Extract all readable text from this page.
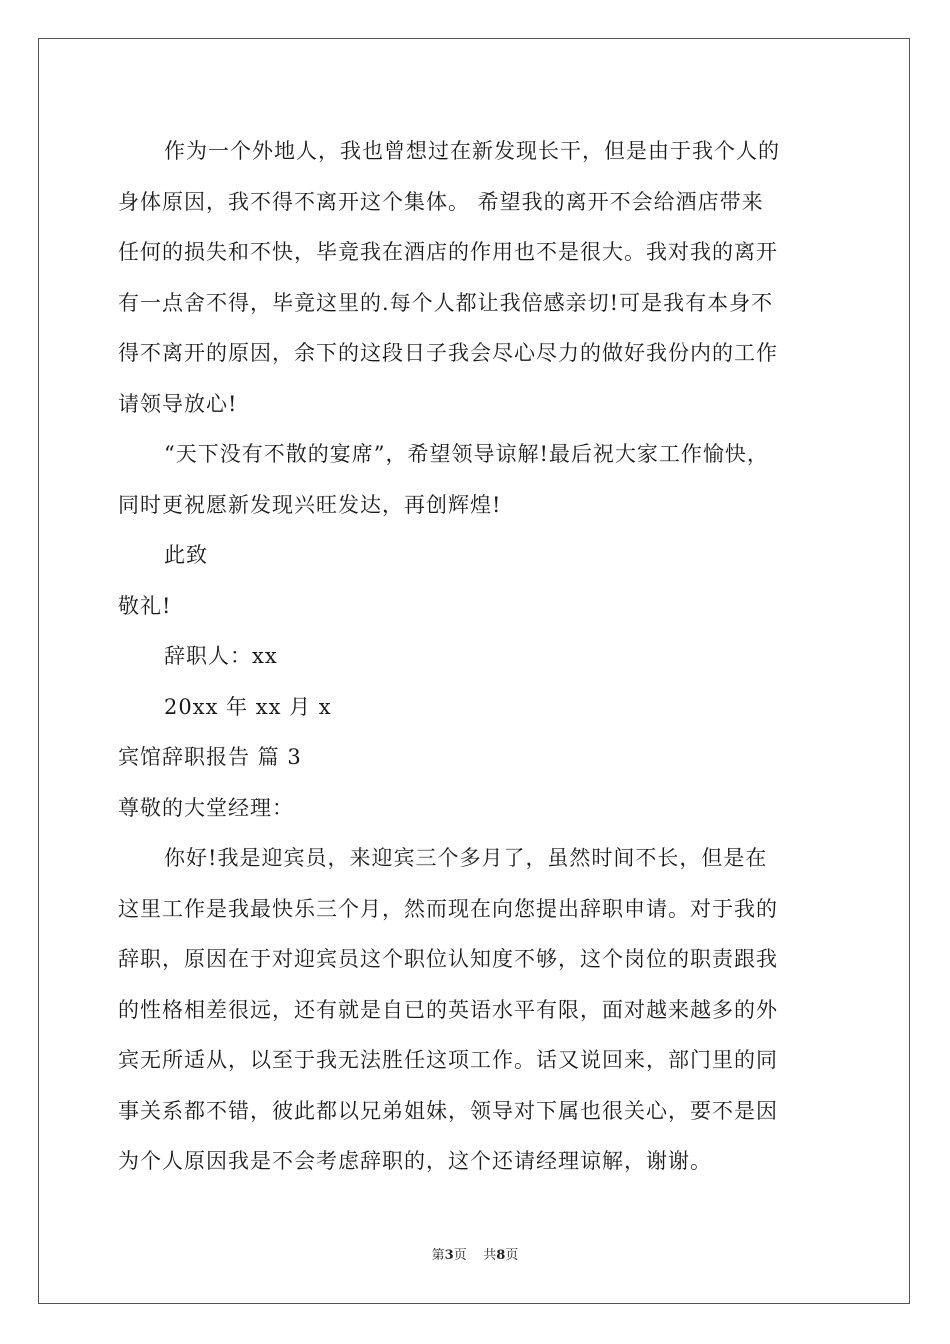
作为一个外地人，我也曾想过在新发现长干，但是由于我个人的

身体原因，我不得不离开这个集体。 希望我的离开不会给酒店带来

任何的损失和不快，毕竟我在酒店的作用也不是很大。我对我的离开

有一点舍不得，毕竟这里的.每个人都让我倍感亲切!可是我有本身不

得不离开的原因，余下的这段日子我会尽心尽力的做好我份内的工作

请领导放心!

“天下没有不散的宴席”，希望领导谅解!最后祝大家工作愉快，

同时更祝愿新发现兴旺发达，再创辉煌!

此致

敬礼!

辞职人：xx

20xx 年 xx 月 x

宾馆辞职报告 篇 3

尊敬的大堂经理：

你好!我是迎宾员，来迎宾三个多月了，虽然时间不长，但是在

这里工作是我最快乐三个月，然而现在向您提出辞职申请。对于我的

辞职，原因在于对迎宾员这个职位认知度不够，这个岗位的职责跟我

的性格相差很远，还有就是自已的英语水平有限，面对越来越多的外

宾无所适从，以至于我无法胜任这项工作。话又说回来，部门里的同

事关系都不错，彼此都以兄弟姐妹，领导对下属也很关心，要不是因

为个人原因我是不会考虑辞职的，这个还请经理谅解，谢谢。

第3页 共8页
